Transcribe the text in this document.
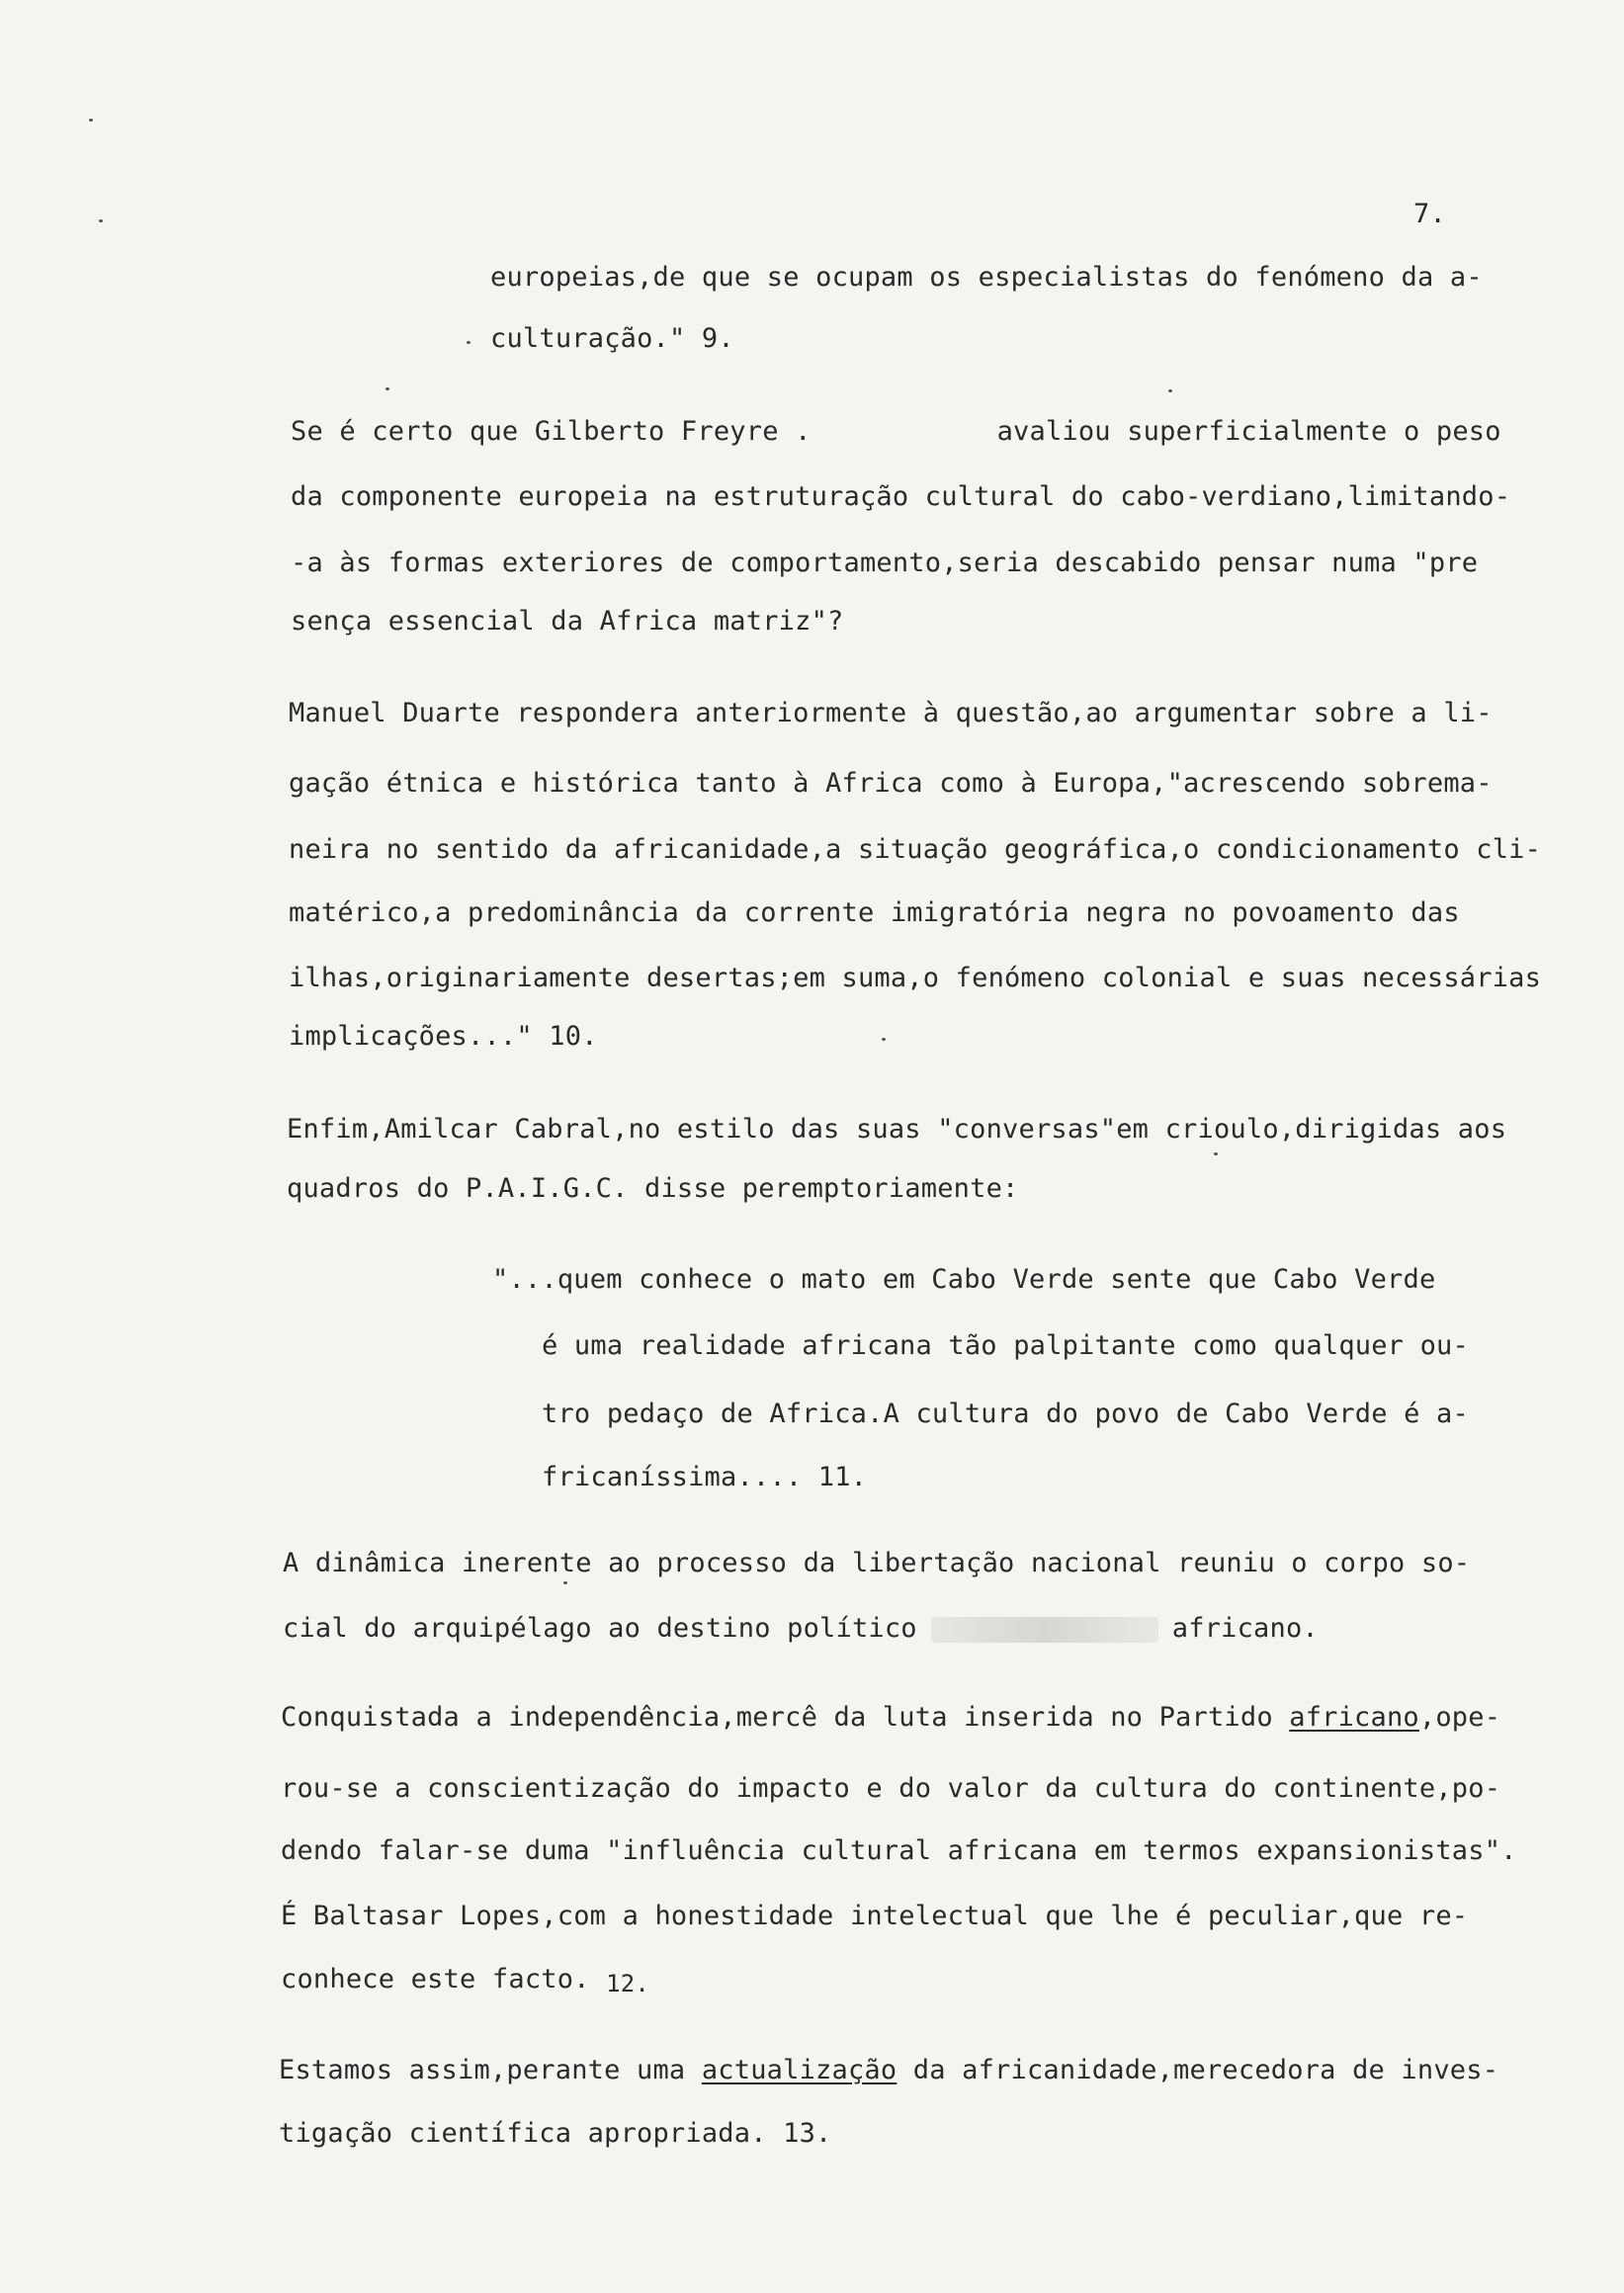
7.
europeias,de que se ocupam os especialistas do fenómeno da a-
culturação." 9.
Se é certo que Gilberto Freyre .	avaliou superficialmente o peso
da componente europeia na estruturação cultural do cabo-verdiano,limitando-
-a às formas exteriores de comportamento,seria descabido pensar numa "pre
sença essencial da Africa matriz"?
Manuel Duarte respondera anteriormente à questão,ao argumentar sobre a li-
gação étnica e histórica tanto à Africa como à Europa,"acrescendo sobrema-
neira no sentido da africanidade,a situação geográfica,o condicionamento cli-
matérico,a predominância da corrente imigratória negra no povoamento das
ilhas,originariamente desertas;em suma,o fenómeno colonial e suas necessárias
implicações..." 10.
Enfim,Amilcar Cabral,no estilo das suas "conversas"em crioulo,dirigidas aos
quadros do P.A.I.G.C. disse peremptoriamente:
"...quem conhece o mato em Cabo Verde sente que Cabo Verde
é uma realidade africana tão palpitante como qualquer ou-
tro pedaço de Africa.A cultura do povo de Cabo Verde é a-
fricaníssima.... 11.
A dinâmica inerente ao processo da libertação nacional reuniu o corpo so-
cial do arquipélago ao destino político	africano.
Conquistada a independência,mercê da luta inserida no Partido africano,ope-
rou-se a conscientização do impacto e do valor da cultura do continente,po-
dendo falar-se duma "influência cultural africana em termos expansionistas".
É Baltasar Lopes,com a honestidade intelectual que lhe é peculiar,que re-
conhece este facto. 12.
Estamos assim,perante uma actualização da africanidade,merecedora de inves-
tigação científica apropriada. 13.
